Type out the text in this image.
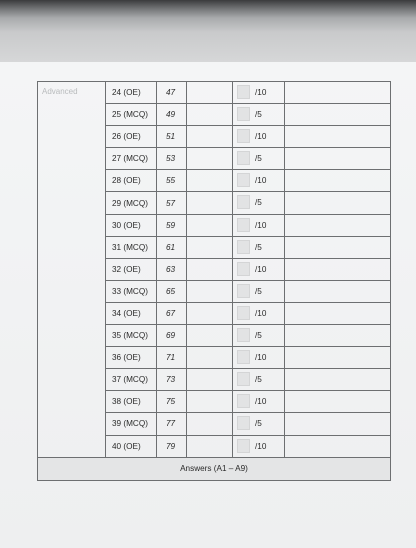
Advanced	24 (OE)	47		/10	

	25 (MCQ)	49		/5	

	26 (OE)	51		/10	

	27 (MCQ)	53		/5	

	28 (OE)	55		/10	

	29 (MCQ)	57		/5	

	30 (OE)	59		/10	

	31 (MCQ)	61		/5	

	32 (OE)	63		/10	

	33 (MCQ)	65		/5	

	34 (OE)	67		/10	

	35 (MCQ)	69		/5	

	36 (OE)	71		/10	

	37 (MCQ)	73		/5	

	38 (OE)	75		/10	

	39 (MCQ)	77		/5	

	40 (OE)	79		/10	

Answers (A1 – A9)					
